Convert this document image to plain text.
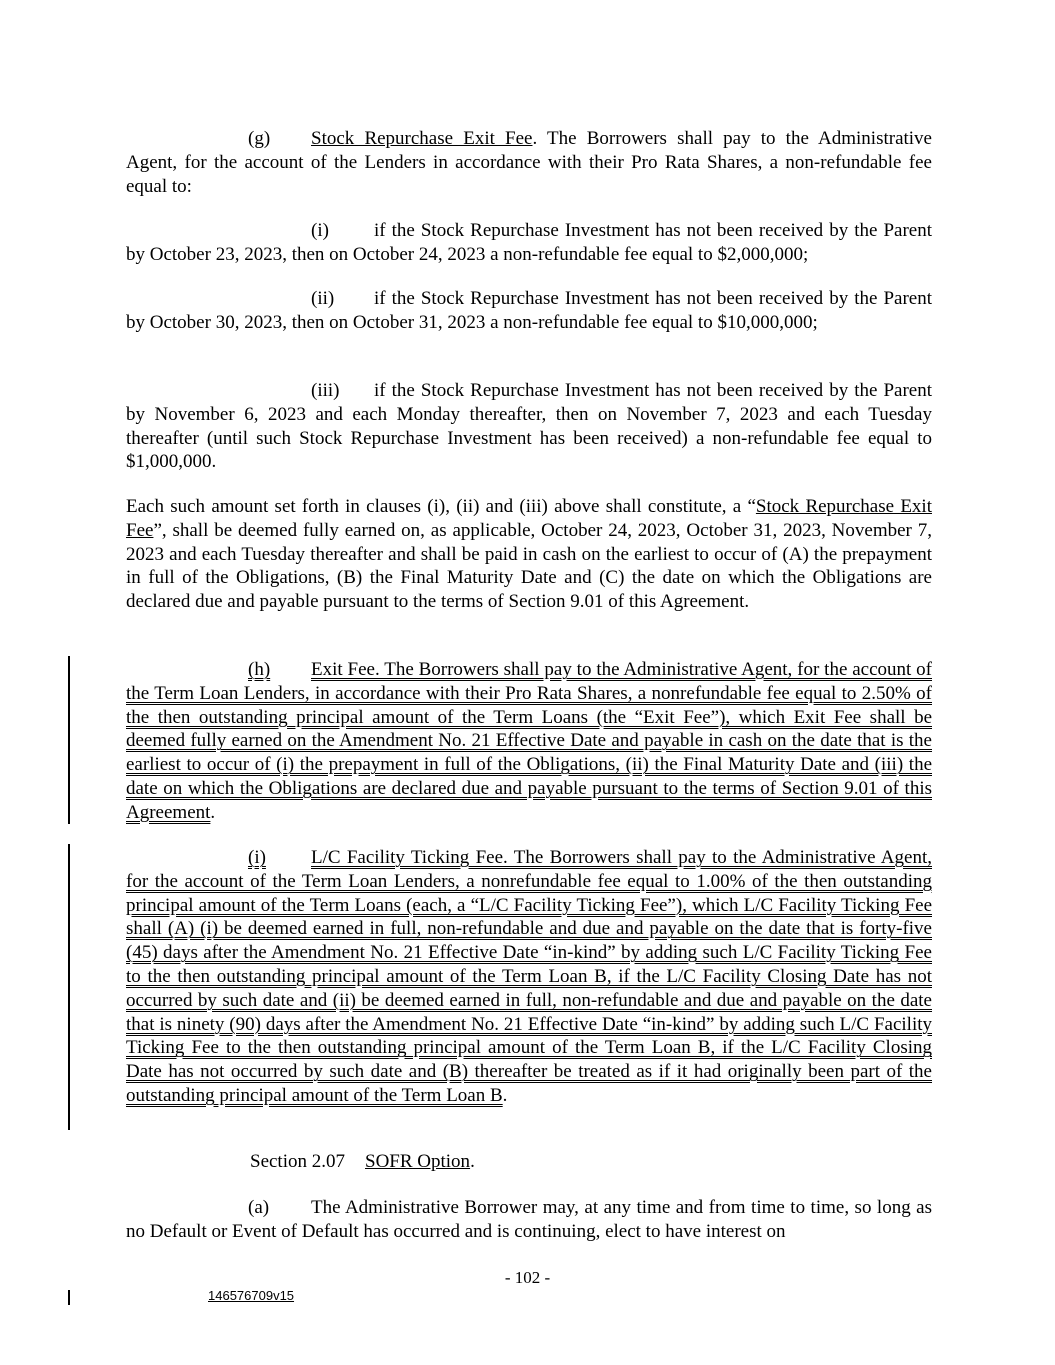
(g) Stock Repurchase Exit Fee. The Borrowers shall pay to the Administrative Agent, for the account of the Lenders in accordance with their Pro Rata Shares, a non-refundable fee equal to:

(i) if the Stock Repurchase Investment has not been received by the Parent by October 23, 2023, then on October 24, 2023 a non-refundable fee equal to $2,000,000;

(ii) if the Stock Repurchase Investment has not been received by the Parent by October 30, 2023, then on October 31, 2023 a non-refundable fee equal to $10,000,000;

(iii) if the Stock Repurchase Investment has not been received by the Parent by November 6, 2023 and each Monday thereafter, then on November 7, 2023 and each Tuesday thereafter (until such Stock Repurchase Investment has been received) a non-refundable fee equal to $1,000,000.

Each such amount set forth in clauses (i), (ii) and (iii) above shall constitute, a “Stock Repurchase Exit Fee”, shall be deemed fully earned on, as applicable, October 24, 2023, October 31, 2023, November 7, 2023 and each Tuesday thereafter and shall be paid in cash on the earliest to occur of (A) the prepayment in full of the Obligations, (B) the Final Maturity Date and (C) the date on which the Obligations are declared due and payable pursuant to the terms of Section 9.01 of this Agreement.

(h) Exit Fee. The Borrowers shall pay to the Administrative Agent, for the account of the Term Loan Lenders, in accordance with their Pro Rata Shares, a nonrefundable fee equal to 2.50% of the then outstanding principal amount of the Term Loans (the “Exit Fee”), which Exit Fee shall be deemed fully earned on the Amendment No. 21 Effective Date and payable in cash on the date that is the earliest to occur of (i) the prepayment in full of the Obligations, (ii) the Final Maturity Date and (iii) the date on which the Obligations are declared due and payable pursuant to the terms of Section 9.01 of this Agreement.

(i) L/C Facility Ticking Fee. The Borrowers shall pay to the Administrative Agent, for the account of the Term Loan Lenders, a nonrefundable fee equal to 1.00% of the then outstanding principal amount of the Term Loans (each, a “L/C Facility Ticking Fee”), which L/C Facility Ticking Fee shall (A) (i) be deemed earned in full, non-refundable and due and payable on the date that is forty-five (45) days after the Amendment No. 21 Effective Date “in-kind” by adding such L/C Facility Ticking Fee to the then outstanding principal amount of the Term Loan B, if the L/C Facility Closing Date has not occurred by such date and (ii) be deemed earned in full, non-refundable and due and payable on the date that is ninety (90) days after the Amendment No. 21 Effective Date “in-kind” by adding such L/C Facility Ticking Fee to the then outstanding principal amount of the Term Loan B, if the L/C Facility Closing Date has not occurred by such date and (B) thereafter be treated as if it had originally been part of the outstanding principal amount of the Term Loan B.

Section 2.07 SOFR Option.

(a) The Administrative Borrower may, at any time and from time to time, so long as no Default or Event of Default has occurred and is continuing, elect to have interest on

- 102 -
146576709v15
